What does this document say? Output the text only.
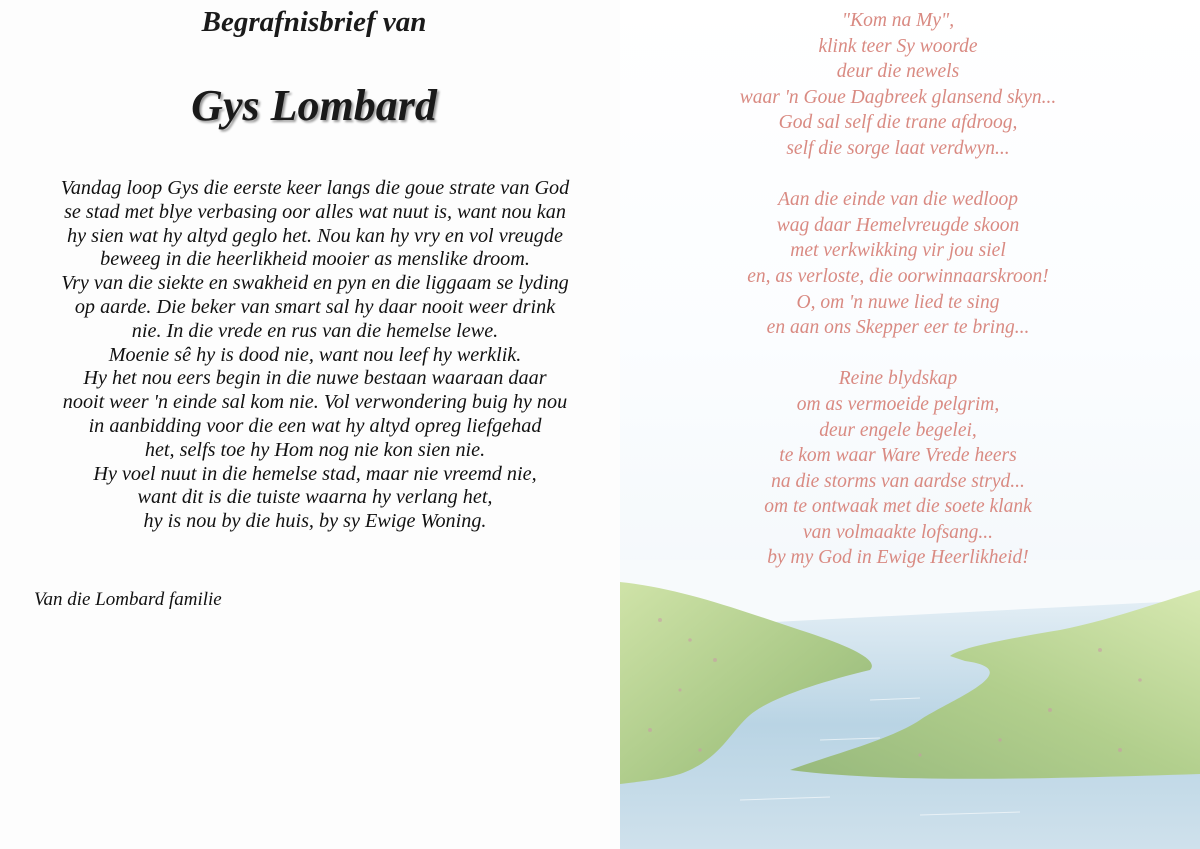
Begrafnisbrief van
Gys Lombard
Vandag loop Gys die eerste keer langs die goue strate van God
se stad met blye verbasing oor alles wat nuut is, want nou kan
hy sien wat hy altyd geglo het. Nou kan hy vry en vol vreugde
beweeg in die heerlikheid mooier as menslike droom.
Vry van die siekte en swakheid en pyn en die liggaam se lyding
op aarde. Die beker van smart sal hy daar nooit weer drink
nie. In die vrede en rus van die hemelse lewe.
Moenie sê hy is dood nie, want nou leef hy werklik.
Hy het nou eers begin in die nuwe bestaan waaraan daar
nooit weer 'n einde sal kom nie. Vol verwondering buig hy nou
in aanbidding voor die een wat hy altyd opreg liefgehad
het, selfs toe hy Hom nog nie kon sien nie.
Hy voel nuut in die hemelse stad, maar nie vreemd nie,
want dit is die tuiste waarna hy verlang het,
hy is nou by die huis, by sy Ewige Woning.
Van die Lombard familie
"Kom na My",
klink teer Sy woorde
deur die newels
waar 'n Goue Dagbreek glansend skyn...
God sal self die trane afdroog,
self die sorge laat verdwyn...
Aan die einde van die wedloop
wag daar Hemelvreugde skoon
met verkwikking vir jou siel
en, as verloste, die oorwinnaarskroon!
O, om 'n nuwe lied te sing
en aan ons Skepper eer te bring...
Reine blydskap
om as vermoeide pelgrim,
deur engele begelei,
te kom waar Ware Vrede heers
na die storms van aardse stryd...
om te ontwaak met die soete klank
van volmaakte lofsang...
by my God in Ewige Heerlikheid!
